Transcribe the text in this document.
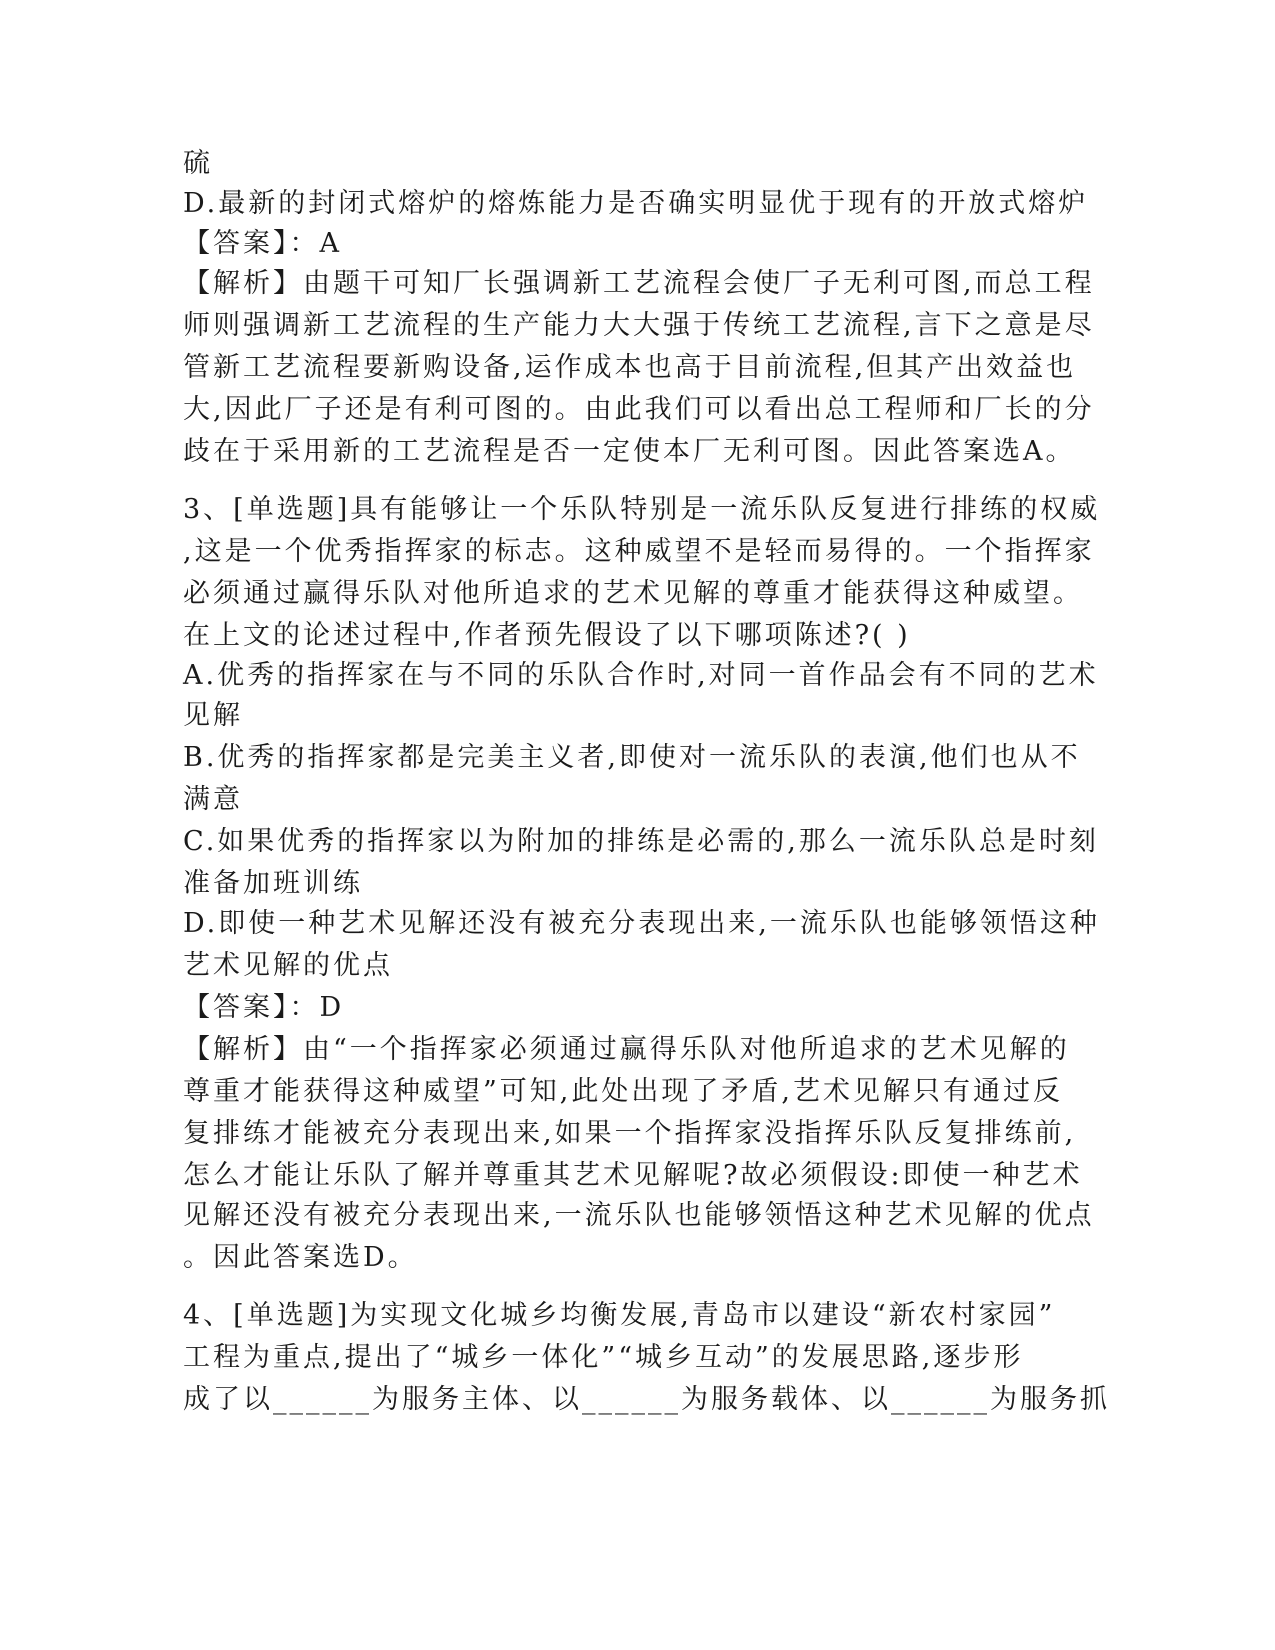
硫
D.最新的封闭式熔炉的熔炼能力是否确实明显优于现有的开放式熔炉
【答案】：A
【解析】由题干可知厂长强调新工艺流程会使厂子无利可图,而总工程
师则强调新工艺流程的生产能力大大强于传统工艺流程,言下之意是尽
管新工艺流程要新购设备,运作成本也高于目前流程,但其产出效益也
大,因此厂子还是有利可图的。由此我们可以看出总工程师和厂长的分
歧在于采用新的工艺流程是否一定使本厂无利可图。因此答案选A。
3、[单选题]具有能够让一个乐队特别是一流乐队反复进行排练的权威
,这是一个优秀指挥家的标志。这种威望不是轻而易得的。一个指挥家
必须通过赢得乐队对他所追求的艺术见解的尊重才能获得这种威望。
在上文的论述过程中,作者预先假设了以下哪项陈述?( )
A.优秀的指挥家在与不同的乐队合作时,对同一首作品会有不同的艺术
见解
B.优秀的指挥家都是完美主义者,即使对一流乐队的表演,他们也从不
满意
C.如果优秀的指挥家以为附加的排练是必需的,那么一流乐队总是时刻
准备加班训练
D.即使一种艺术见解还没有被充分表现出来,一流乐队也能够领悟这种
艺术见解的优点
【答案】：D
【解析】由“一个指挥家必须通过赢得乐队对他所追求的艺术见解的
尊重才能获得这种威望”可知,此处出现了矛盾,艺术见解只有通过反
复排练才能被充分表现出来,如果一个指挥家没指挥乐队反复排练前,
怎么才能让乐队了解并尊重其艺术见解呢?故必须假设:即使一种艺术
见解还没有被充分表现出来,一流乐队也能够领悟这种艺术见解的优点
。因此答案选D。
4、[单选题]为实现文化城乡均衡发展,青岛市以建设“新农村家园”
工程为重点,提出了“城乡一体化”“城乡互动”的发展思路,逐步形
成了以______为服务主体、以______为服务载体、以______为服务抓
